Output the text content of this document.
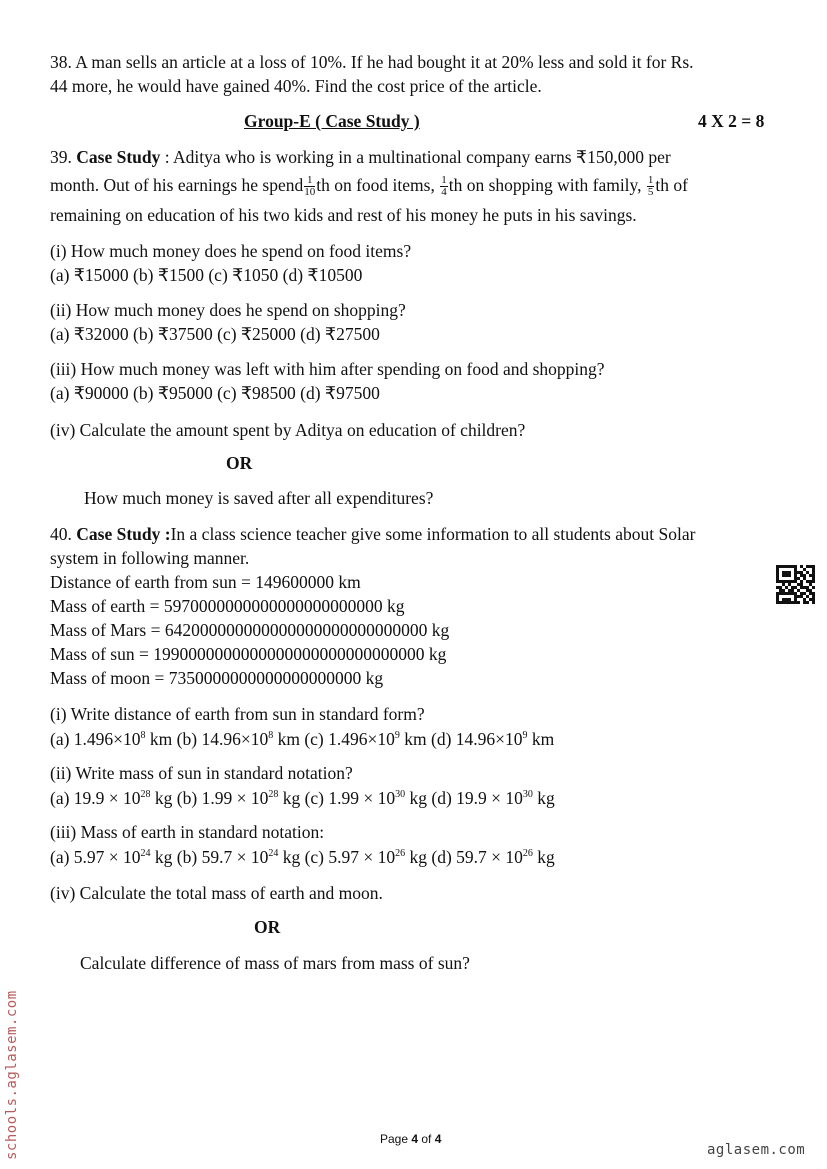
38. A man sells an article at a loss of 10%. If he had bought it at 20% less and sold it for Rs.
44 more, he would have gained 40%. Find the cost price of the article.
Group-E ( Case Study )	4 X 2 = 8
39. Case Study : Aditya who is working in a multinational company earns ₹150,000 per
month. Out of his earnings he spend $\frac{1}{10}$ th on food items, $\frac{1}{4}$ th on shopping with family, $\frac{1}{5}$ th of
remaining on education of his two kids and rest of his money he puts in his savings.
(i) How much money does he spend on food items?
(a) ₹15000 (b) ₹1500 (c) ₹1050 (d) ₹10500
(ii) How much money does he spend on shopping?
(a) ₹32000 (b) ₹37500 (c) ₹25000 (d) ₹27500
(iii) How much money was left with him after spending on food and shopping?
(a) ₹90000 (b) ₹95000 (c) ₹98500 (d) ₹97500
(iv) Calculate the amount spent by Aditya on education of children?
OR
How much money is saved after all expenditures?
40. Case Study :In a class science teacher give some information to all students about Solar
system in following manner.
Distance of earth from sun = 149600000 km
Mass of earth = 5970000000000000000000000 kg
Mass of Mars = 642000000000000000000000000000 kg
Mass of sun = 1990000000000000000000000000000 kg
Mass of moon = 7350000000000000000000 kg
(i) Write distance of earth from sun in standard form?
(a) $1.496\times 10^8$ km (b) $14.96\times 10^8$ km (c) $1.496\times 10^9$ km (d) $14.96\times 10^9$ km
(ii) Write mass of sun in standard notation?
(a) $19.9 \times 10^{28}$ kg (b) $1.99 \times 10^{28}$ kg (c) $1.99 \times 10^{30}$ kg (d) $19.9 \times 10^{30}$ kg
(iii) Mass of earth in standard notation:
(a) $5.97 \times 10^{24}$ kg (b) $59.7 \times 10^{24}$ kg (c) $5.97 \times 10^{26}$ kg (d) $59.7 \times 10^{26}$ kg
(iv) Calculate the total mass of earth and moon.
OR
Calculate difference of mass of mars from mass of sun?
Page 4 of 4
schools.aglasem.com	aglasem.com
